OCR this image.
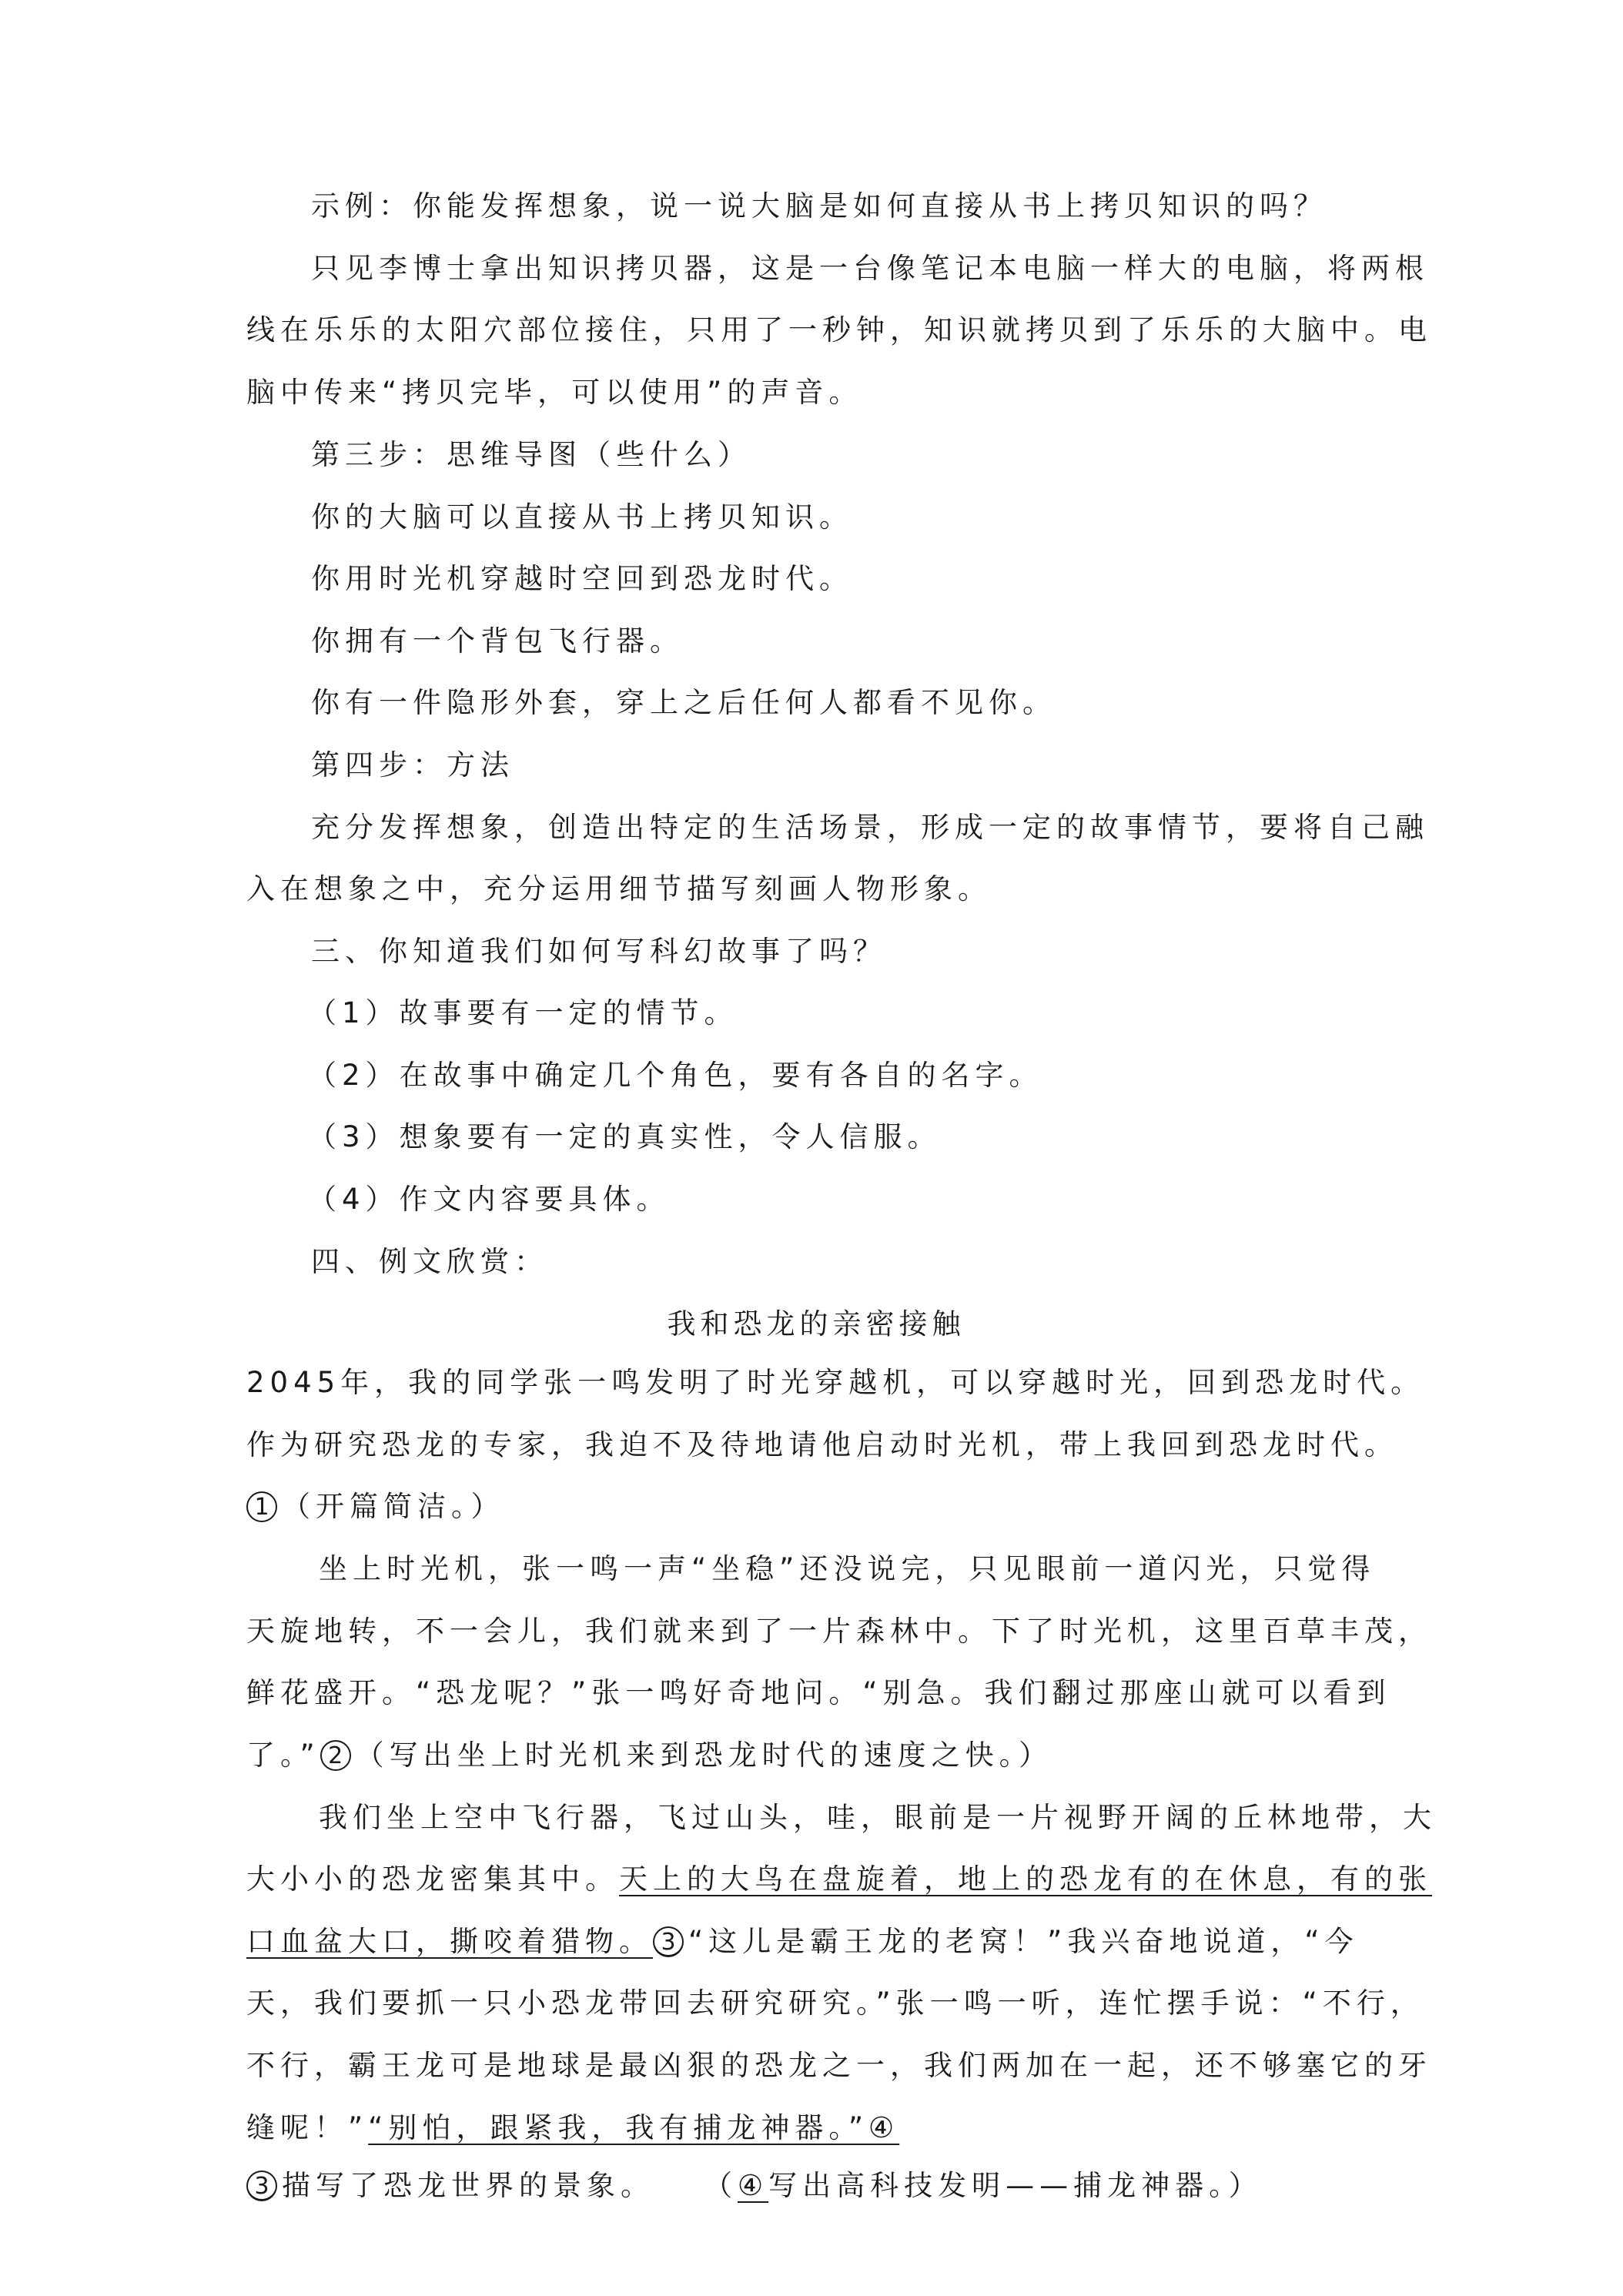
示例：你能发挥想象，说一说大脑是如何直接从书上拷贝知识的吗？
只见李博士拿出知识拷贝器，这是一台像笔记本电脑一样大的电脑，将两根
线在乐乐的太阳穴部位接住，只用了一秒钟，知识就拷贝到了乐乐的大脑中。电
脑中传来“拷贝完毕，可以使用”的声音。
第三步：思维导图（些什么）
你的大脑可以直接从书上拷贝知识。
你用时光机穿越时空回到恐龙时代。
你拥有一个背包飞行器。
你有一件隐形外套，穿上之后任何人都看不见你。
第四步：方法
充分发挥想象，创造出特定的生活场景，形成一定的故事情节，要将自己融
入在想象之中，充分运用细节描写刻画人物形象。
三、你知道我们如何写科幻故事了吗？
（1）故事要有一定的情节。
（2）在故事中确定几个角色，要有各自的名字。
（3）想象要有一定的真实性，令人信服。
（4）作文内容要具体。
四、例文欣赏：
我和恐龙的亲密接触
2045年，我的同学张一鸣发明了时光穿越机，可以穿越时光，回到恐龙时代。
作为研究恐龙的专家，我迫不及待地请他启动时光机，带上我回到恐龙时代。
1 （开篇简洁。）
坐上时光机，张一鸣一声“坐稳”还没说完，只见眼前一道闪光，只觉得
天旋地转，不一会儿，我们就来到了一片森林中。下了时光机，这里百草丰茂，
鲜花盛开。“恐龙呢？”张一鸣好奇地问。“别急。我们翻过那座山就可以看到
了。” 2 （写出坐上时光机来到恐龙时代的速度之快。）
我们坐上空中飞行器，飞过山头，哇，眼前是一片视野开阔的丘林地带，大
大小小的恐龙密集其中。天上的大鸟在盘旋着，地上的恐龙有的在休息，有的张
口血盆大口，撕咬着猎物。 3 “这儿是霸王龙的老窝！”我兴奋地说道，“今
天，我们要抓一只小恐龙带回去研究研究。”张一鸣一听，连忙摆手说：“不行，
不行，霸王龙可是地球是最凶狠的恐龙之一，我们两加在一起，还不够塞它的牙
缝呢！”“别怕，跟紧我，我有捕龙神器。”④
3 描写了恐龙世界的景象。 （④写出高科技发明——捕龙神器。）
